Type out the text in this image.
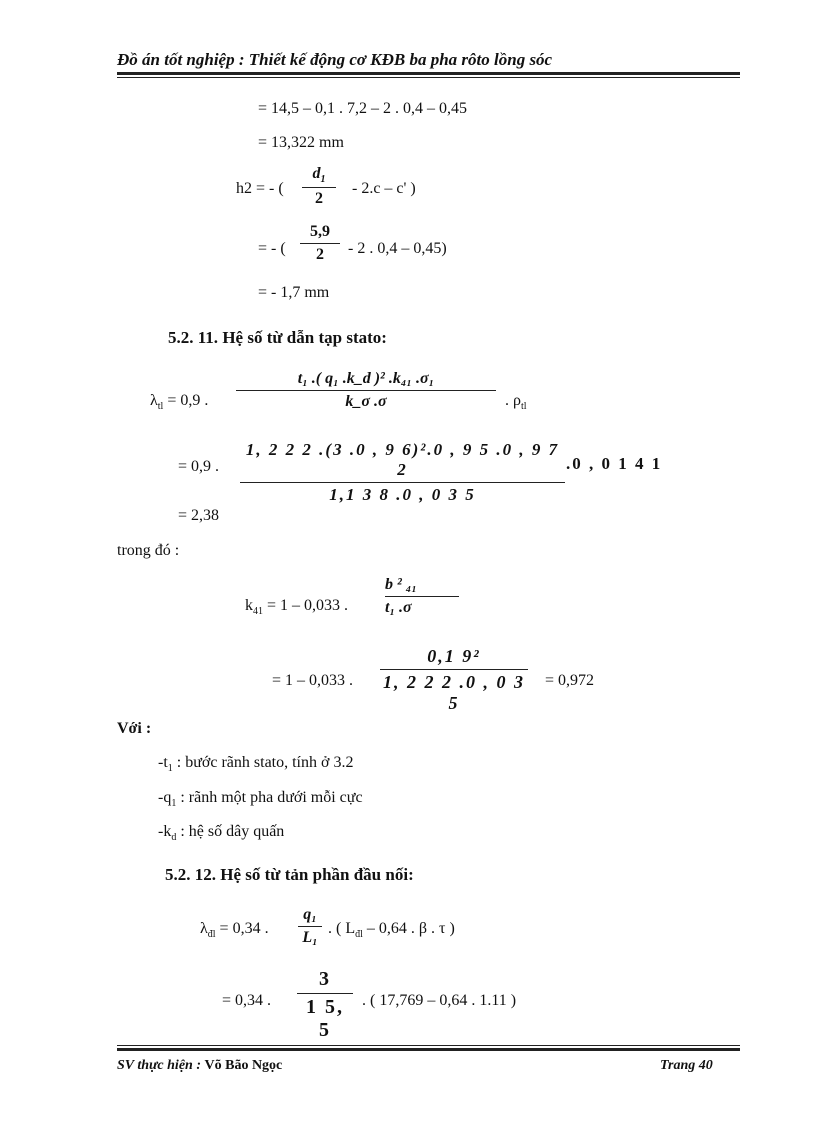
Đồ án tốt nghiệp : Thiết kế động cơ KĐB ba pha rôto lồng sóc
= 14,5 – 0,1 . 7,2 – 2 . 0,4 – 0,45
= 13,322 mm
h2 = - (
$d_1$
2
- 2.c – c' )
= - (
5,9
2	- 2 . 0,4 – 0,45)
= - 1,7 mm
5.2. 11. Hệ số từ dẫn tạp stato:
$\lambda_{tl} = 0,9$ .
t₁ .( q₁ .k_d )² .k₄₁ .σ₁
k_σ .σ	. $\rho_{tl}$
= 0,9 .
1, 2 2 2 .(3 .0 , 9 6)².0 , 9 5 .0 , 9 7 2
1,1 3 8 .0 , 0 3 5
.0 , 0 1 4 1
= 2,38
trong đó :
$k_{41} = 1 - 0,033$ .
b ² ₄₁
t₁ .σ
= 1 – 0,033 .
0,1 9²
1, 2 2 2 .0 , 0 3 5
= 0,972
Với :
$-t_1$ : bước rãnh stato, tính ở 3.2
$-q_1$ : rãnh một pha dưới mỗi cực
$-k_d$ : hệ số dây quấn
5.2. 12. Hệ số từ tản phần đầu nối:
$\lambda_{đl} = 0,34$ .
q₁
L₁
. ( $L_{đl} - 0,64$ . β . τ )
= 0,34 .
3
1 5, 5
. ( 17,769 – 0,64 . 1.11 )
SV thực hiện : Võ Bão Ngọc	Trang 40
